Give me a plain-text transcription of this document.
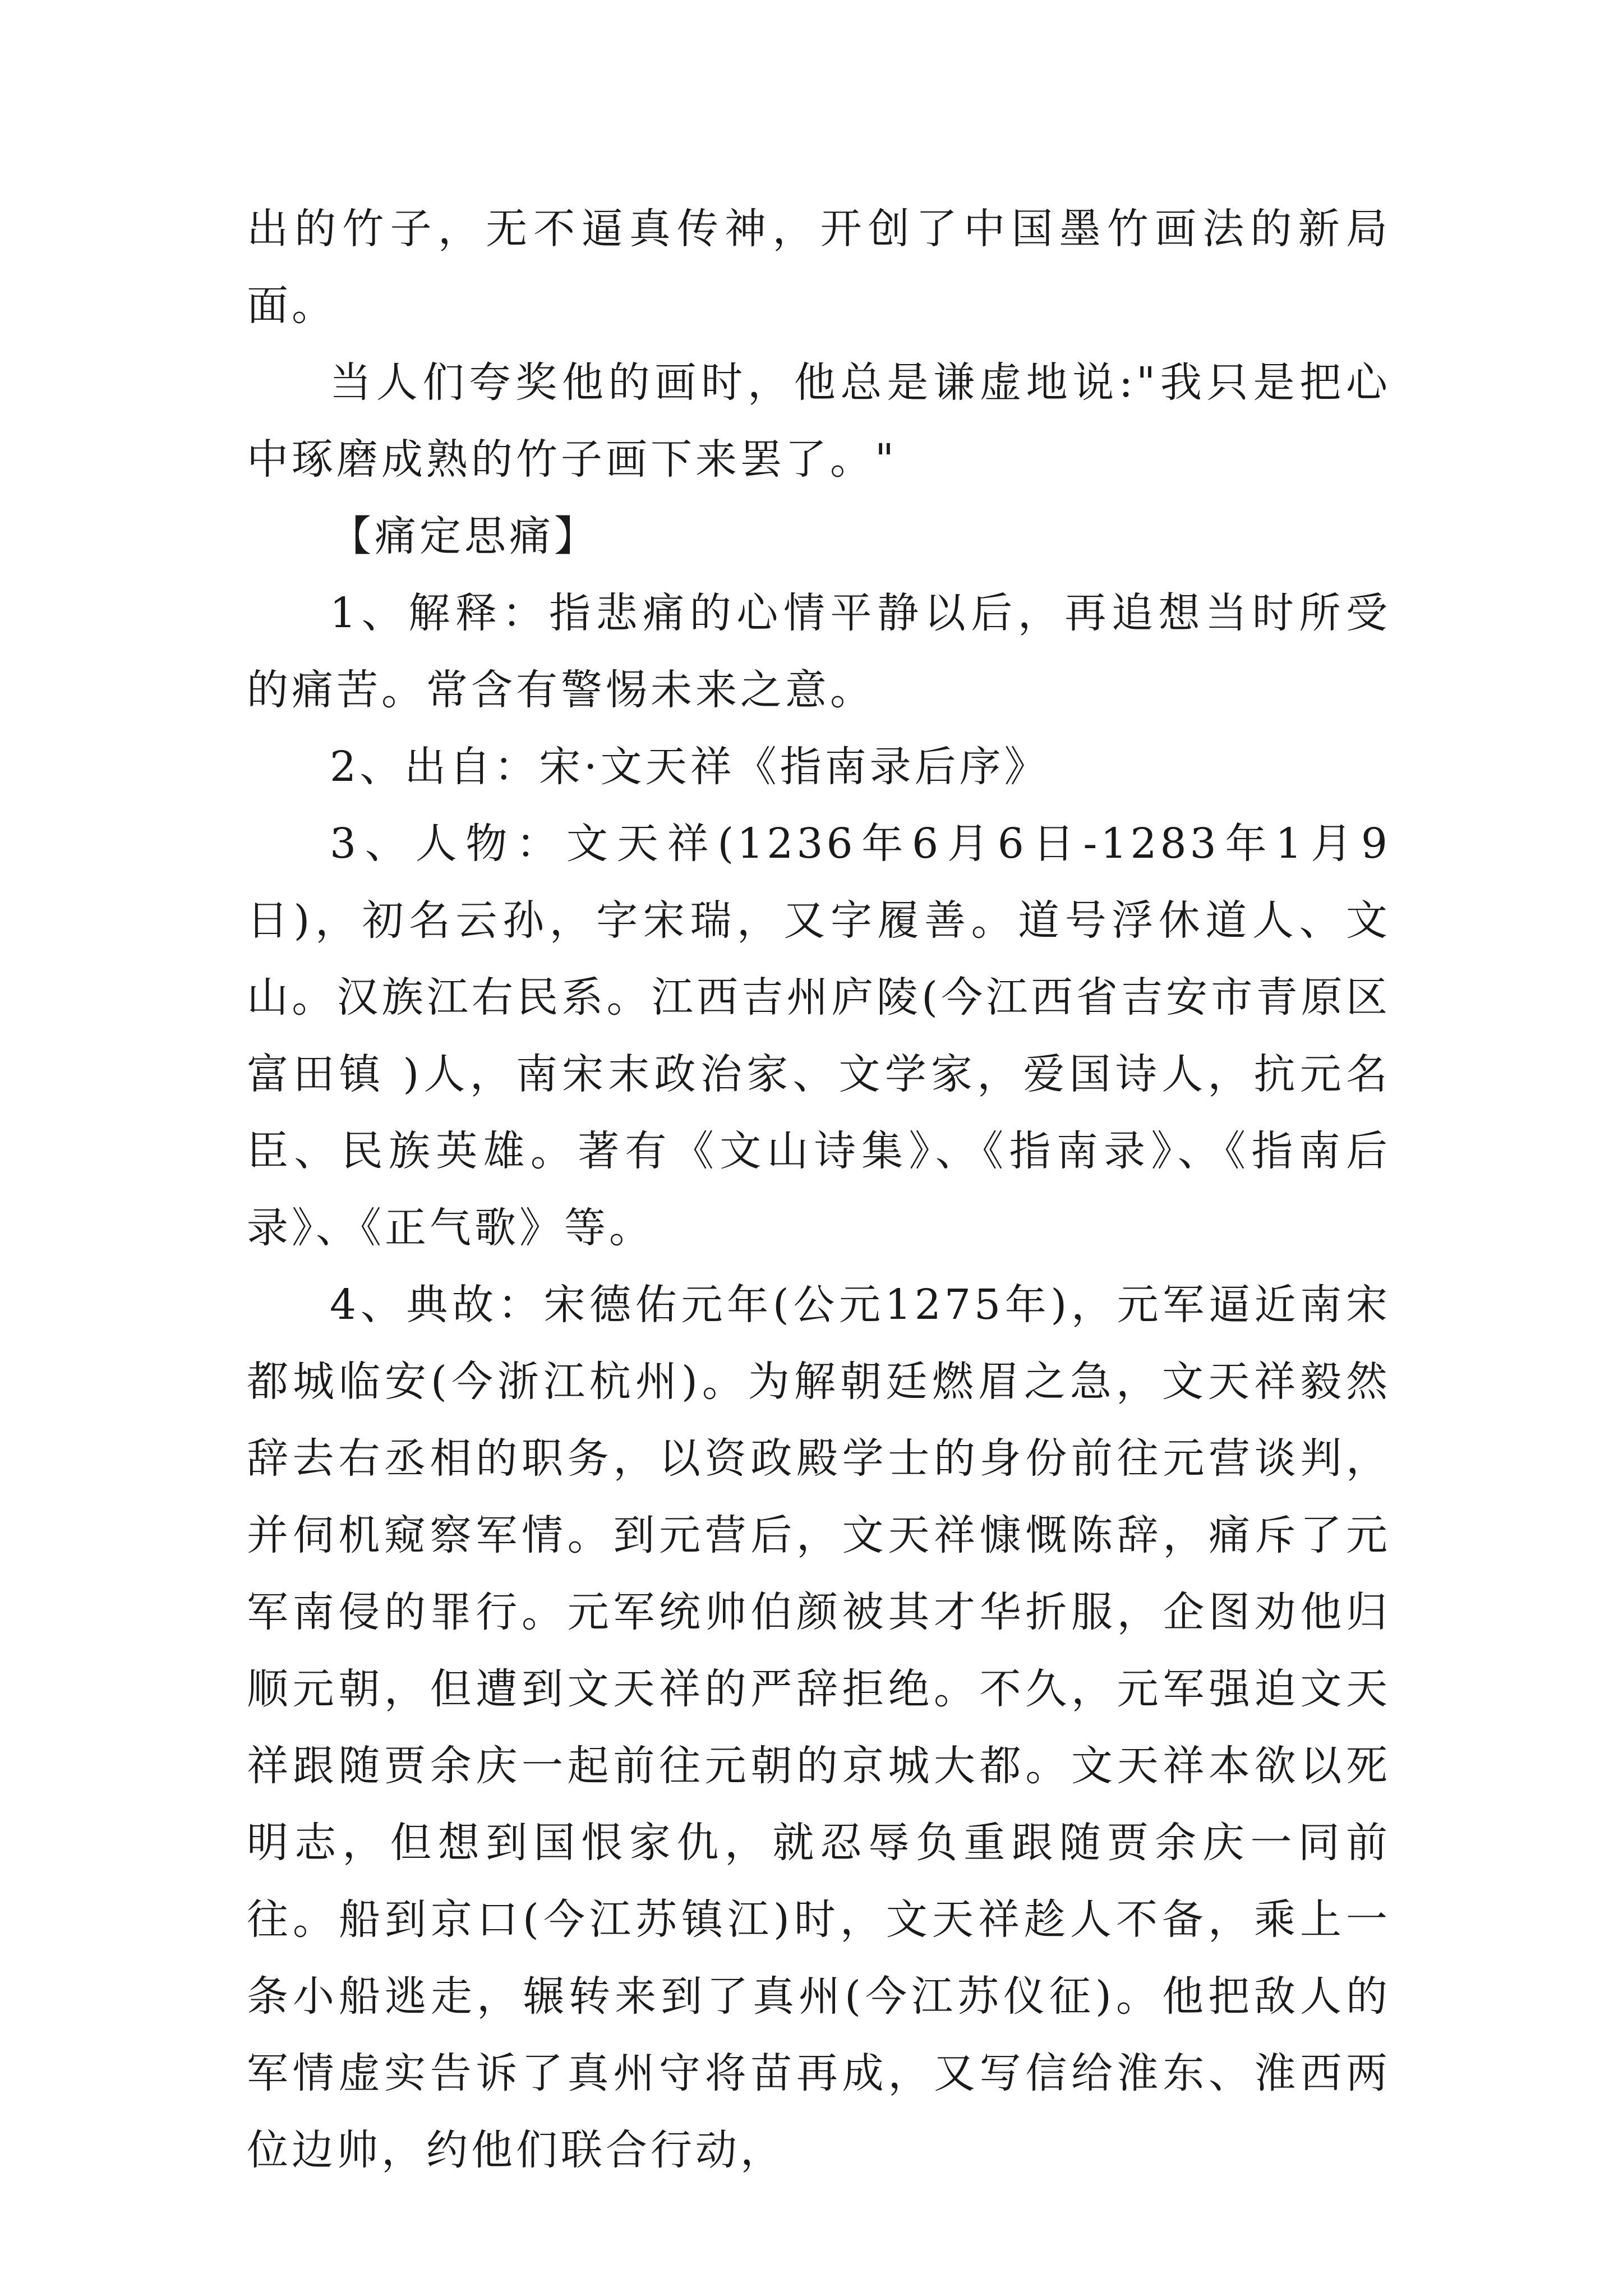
出的竹子，无不逼真传神，开创了中国墨竹画法的新局面。

当人们夸奖他的画时，他总是谦虚地说:"我只是把心中琢磨成熟的竹子画下来罢了。"

【痛定思痛】

1、解释：指悲痛的心情平静以后，再追想当时所受的痛苦。常含有警惕未来之意。

2、出自：宋·文天祥《指南录后序》

3、人物：文天祥(1236年6月6日-1283年1月9日)，初名云孙，字宋瑞，又字履善。道号浮休道人、文山。汉族江右民系。江西吉州庐陵(今江西省吉安市青原区富田镇 )人，南宋末政治家、文学家，爱国诗人，抗元名臣、民族英雄。著有《文山诗集》、《指南录》、《指南后录》、《正气歌》等。

4、典故：宋德佑元年(公元1275年)，元军逼近南宋都城临安(今浙江杭州)。为解朝廷燃眉之急，文天祥毅然辞去右丞相的职务，以资政殿学士的身份前往元营谈判，并伺机窥察军情。到元营后，文天祥慷慨陈辞，痛斥了元军南侵的罪行。元军统帅伯颜被其才华折服，企图劝他归顺元朝，但遭到文天祥的严辞拒绝。不久，元军强迫文天祥跟随贾余庆一起前往元朝的京城大都。文天祥本欲以死明志，但想到国恨家仇，就忍辱负重跟随贾余庆一同前往。船到京口(今江苏镇江)时，文天祥趁人不备，乘上一条小船逃走，辗转来到了真州(今江苏仪征)。他把敌人的军情虚实告诉了真州守将苗再成，又写信给淮东、淮西两位边帅，约他们联合行动，
